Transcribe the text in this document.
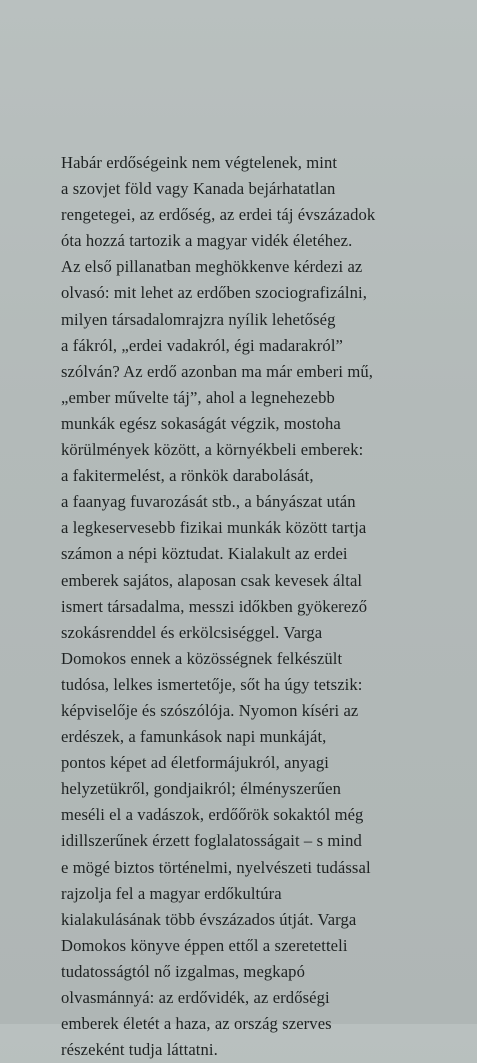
Habár erdőségeink nem végtelenek, mint
a szovjet föld vagy Kanada bejárhatatlan
rengetegei, az erdőség, az erdei táj évszázadok
óta hozzá tartozik a magyar vidék életéhez.
Az első pillanatban meghökkenve kérdezi az
olvasó: mit lehet az erdőben szociografizálni,
milyen társadalomrajzra nyílik lehetőség
a fákról, „erdei vadakról, égi madarakról”
szólván? Az erdő azonban ma már emberi mű,
„ember művelte táj”, ahol a legnehezebb
munkák egész sokaságát végzik, mostoha
körülmények között, a környékbeli emberek:
a fakitermelést, a rönkök darabolását,
a faanyag fuvarozását stb., a bányászat után
a legkeservesebb fizikai munkák között tartja
számon a népi köztudat. Kialakult az erdei
emberek sajátos, alaposan csak kevesek által
ismert társadalma, messzi időkben gyökerező
szokásrenddel és erkölcsiséggel. Varga
Domokos ennek a közösségnek felkészült
tudósa, lelkes ismertetője, sőt ha úgy tetszik:
képviselője és szószólója. Nyomon kíséri az
erdészek, a famunkások napi munkáját,
pontos képet ad életformájukról, anyagi
helyzetükről, gondjaikról; élményszerűen
meséli el a vadászok, erdőőrök sokaktól még
idillszerűnek érzett foglalatosságait – s mind
e mögé biztos történelmi, nyelvészeti tudással
rajzolja fel a magyar erdőkultúra
kialakulásának több évszázados útját. Varga
Domokos könyve éppen ettől a szeretetteli
tudatosságtól nő izgalmas, megkapó
olvasmánnyá: az erdővidék, az erdőségi
emberek életét a haza, az ország szerves
részeként tudja láttatni.
